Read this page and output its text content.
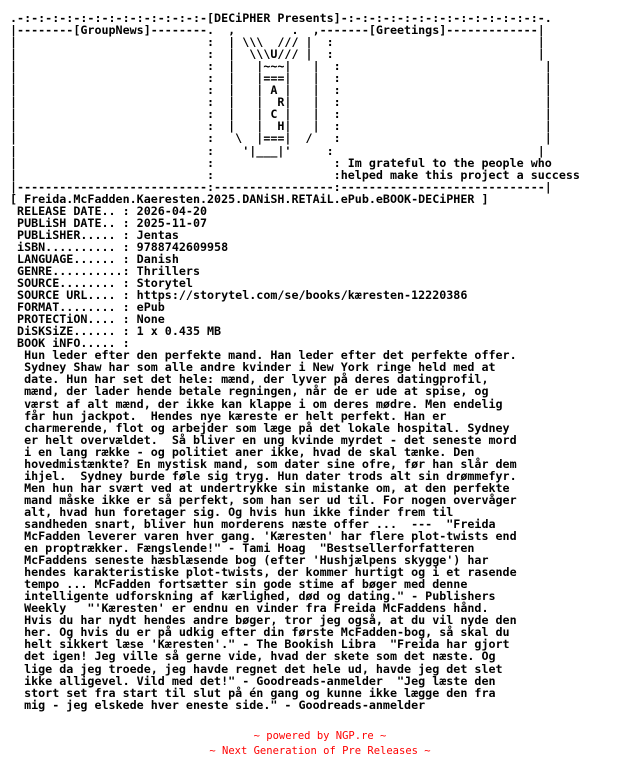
.-:-:-:-:-:-:-:-:-:-:-:-:-:-[DECiPHER Presents]-:-:-:-:-:-:-:-:-:-:-:-:-:-:-.
|--------[GroupNews]--------.  ,        .  ,-------[Greetings]-------------|
|                           :  | \\\  /// |  :                             |
|                           :  |  \\\U/// |  :                             |
|                           :  |   |~~~|   |  :                             |
|                           :  |   |===|   |  :                             |
|                           :  |   | A |   |  :                             |
|                           :  |   |  R|   |  :                             |
|                           :  |   | C |   |  :                             |
|                           :  |   |  H|   |  :                             |
|                           :   \  |===|  /   :                             |
|                           :    '|___|'     :                             |
|                           :                 : Im grateful to the people who
|                           :                 :helped make this project a success
|---------------------------:-----------------:-----------------------------|
[ Freida.McFadden.Kaeresten.2025.DANiSH.RETAiL.ePub.eBOOK-DECiPHER ]
RELEASE DATE.. : 2026-04-20
PUBLiSH DATE.. : 2025-11-07
PUBLiSHER..... : Jentas
iSBN.......... : 9788742609958
LANGUAGE...... : Danish
GENRE..........: Thrillers
SOURCE........ : Storytel
SOURCE URL.... : https://storytel.com/se/books/kæresten-12220386
FORMAT........ : ePub
PROTECTiON.... : None
DiSKSiZE...... : 1 x 0.435 MB
BOOK iNFO..... :
Hun leder efter den perfekte mand. Han leder efter det perfekte offer.
Sydney Shaw har som alle andre kvinder i New York ringe held med at
date. Hun har set det hele: mænd, der lyver på deres datingprofil,
mænd, der lader hende betale regningen, når de er ude at spise, og
værst af alt mænd, der ikke kan klappe i om deres mødre. Men endelig
får hun jackpot.  Hendes nye kæreste er helt perfekt. Han er
charmerende, flot og arbejder som læge på det lokale hospital. Sydney
er helt overvældet.  Så bliver en ung kvinde myrdet - det seneste mord
i en lang række - og politiet aner ikke, hvad de skal tænke. Den
hovedmistænkte? En mystisk mand, som dater sine ofre, før han slår dem
ihjel.  Sydney burde føle sig tryg. Hun dater trods alt sin drømmefyr.
Men hun har svært ved at undertrykke sin mistanke om, at den perfekte
mand måske ikke er så perfekt, som han ser ud til. For nogen overvåger
alt, hvad hun foretager sig. Og hvis hun ikke finder frem til
sandheden snart, bliver hun morderens næste offer ...  ---  "Freida
McFadden leverer varen hver gang. 'Kæresten' har flere plot-twists end
en proptrækker. Fængslende!" - Tami Hoag  "Bestsellerforfatteren
McFaddens seneste hæsblæsende bog (efter 'Hushjælpens skygge') har
hendes karakteristiske plot-twists, der kommer hurtigt og i et rasende
tempo ... McFadden fortsætter sin gode stime af bøger med denne
intelligente udforskning af kærlighed, død og dating." - Publishers
Weekly   "'Kæresten' er endnu en vinder fra Freida McFaddens hånd.
Hvis du har nydt hendes andre bøger, tror jeg også, at du vil nyde den
her. Og hvis du er på udkig efter din første McFadden-bog, så skal du
helt sikkert læse 'Kæresten'." - The Bookish Libra  "Freida har gjort
det igen! Jeg ville så gerne vide, hvad der skete som det næste. Og
lige da jeg troede, jeg havde regnet det hele ud, havde jeg det slet
ikke alligevel. Vild med det!" - Goodreads-anmelder  "Jeg læste den
stort set fra start til slut på én gang og kunne ikke lægge den fra
mig - jeg elskede hver eneste side." - Goodreads-anmelder
~ powered by NGP.re ~
~ Next Generation of Pre Releases ~
